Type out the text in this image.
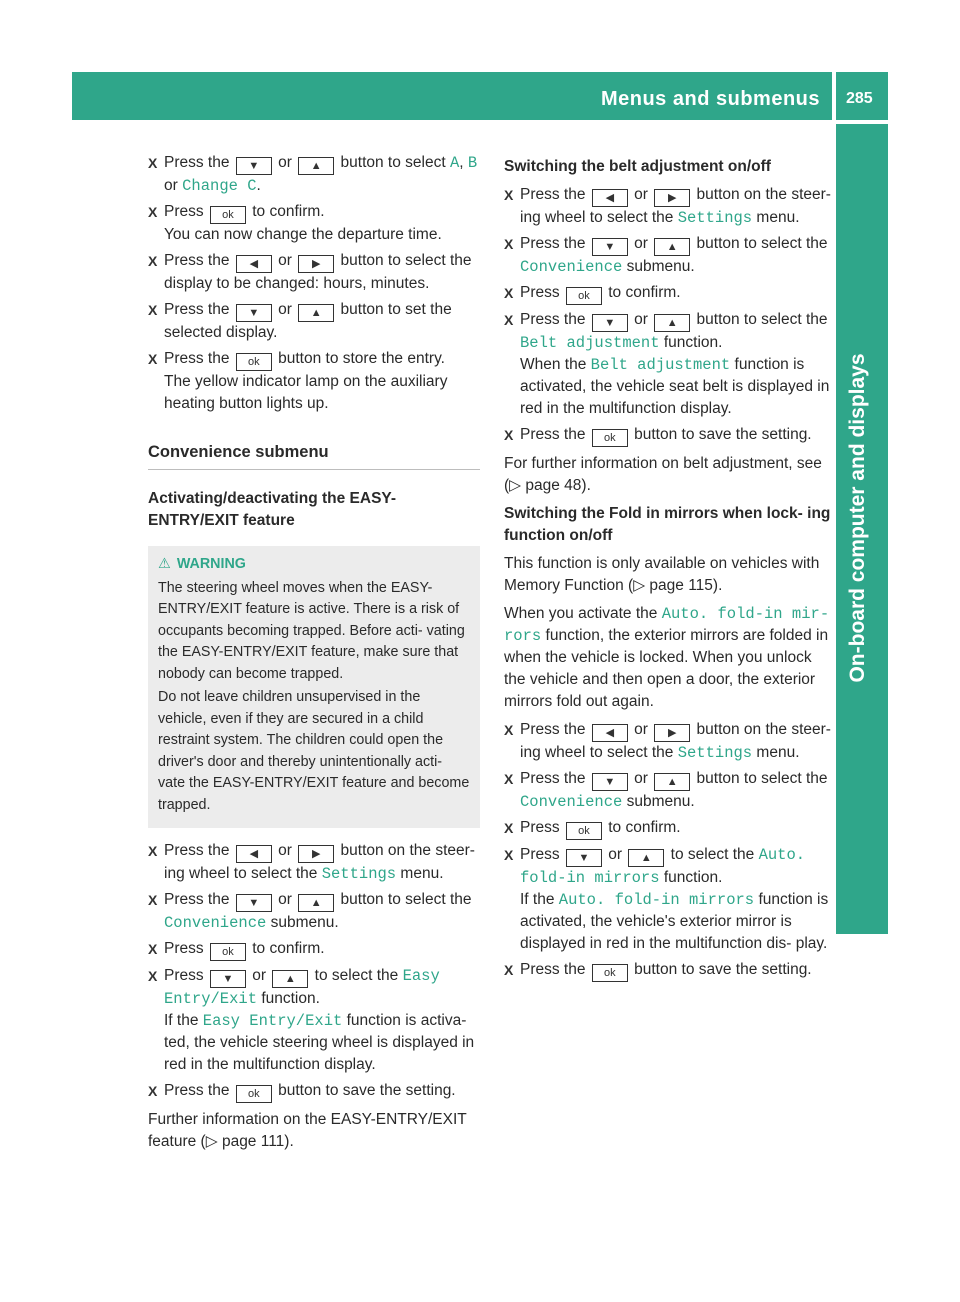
Menus and submenus 285
On-board computer and displays
X Press the ▼ or ▲ button to select A, B or Change C.
X Press ok to confirm.
You can now change the departure time.
X Press the ◀ or ▶ button to select the display to be changed: hours, minutes.
X Press the ▼ or ▲ button to set the selected display.
X Press the ok button to store the entry.
The yellow indicator lamp on the auxiliary heating button lights up.
Convenience submenu
Activating/deactivating the EASY-ENTRY/EXIT feature
⚠ WARNING

The steering wheel moves when the EASY-ENTRY/EXIT feature is active. There is a risk of occupants becoming trapped. Before acti- vating the EASY-ENTRY/EXIT feature, make sure that nobody can become trapped.

Do not leave children unsupervised in the vehicle, even if they are secured in a child restraint system. The children could open the driver's door and thereby unintentionally acti- vate the EASY-ENTRY/EXIT feature and become trapped.

X Press the ◀ or ▶ button on the steer- ing wheel to select the Settings menu.
X Press the ▼ or ▲ button to select the Convenience submenu.
X Press ok to confirm.
X Press ▼ or ▲ to select the Easy Entry/Exit function.
If the Easy Entry/Exit function is activa- ted, the vehicle steering wheel is displayed in red in the multifunction display.
X Press the ok button to save the setting.

Further information on the EASY-ENTRY/EXIT feature (▷ page 111).

Switching the belt adjustment on/off
X Press the ◀ or ▶ button on the steer- ing wheel to select the Settings menu.
X Press the ▼ or ▲ button to select the Convenience submenu.
X Press ok to confirm.
X Press the ▼ or ▲ button to select the Belt adjustment function.
When the Belt adjustment function is activated, the vehicle seat belt is displayed in red in the multifunction display.
X Press the ok button to save the setting.

For further information on belt adjustment, see (▷ page 48).

Switching the Fold in mirrors when lock- ing function on/off

This function is only available on vehicles with Memory Function (▷ page 115).

When you activate the Auto. fold-in mir‐ rors function, the exterior mirrors are folded in when the vehicle is locked. When you unlock the vehicle and then open a door, the exterior mirrors fold out again.

X Press the ◀ or ▶ button on the steer- ing wheel to select the Settings menu.
X Press the ▼ or ▲ button to select the Convenience submenu.
X Press ok to confirm.
X Press ▼ or ▲ to select the Auto. fold-in mirrors function.
If the Auto. fold-in mirrors function is activated, the vehicle's exterior mirror is displayed in red in the multifunction dis- play.
X Press the ok button to save the setting.
